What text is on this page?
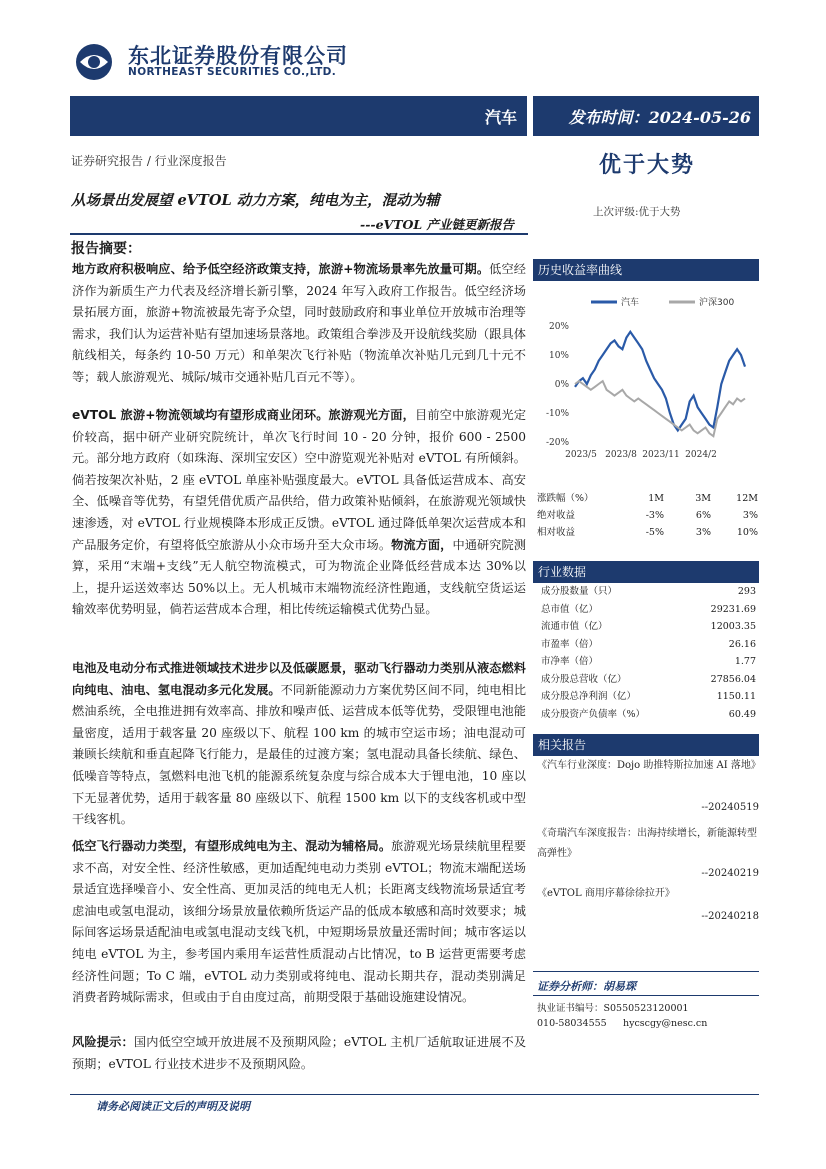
东北证券股份有限公司
NORTHEAST SECURITIES CO.,LTD.
汽车	发布时间：2024-05-26
证券研究报告 / 行业深度报告	优于大势
上次评级:优于大势
从场景出发展望 eVTOL 动力方案，纯电为主，混动为辅
---eVTOL 产业链更新报告
报告摘要：

地方政府积极响应、给予低空经济政策支持，旅游+物流场景率先放量可期。低空经济作为新质生产力代表及经济增长新引擎，2024 年写入政府工作报告。低空经济场景拓展方面，旅游+物流被最先寄予众望，同时鼓励政府和事业单位开放城市治理等需求，我们认为运营补贴有望加速场景落地。政策组合拳涉及开设航线奖励（跟具体航线相关，每条约 10-50 万元）和单架次飞行补贴（物流单次补贴几元到几十元不等；载人旅游观光、城际/城市交通补贴几百元不等）。

eVTOL 旅游+物流领域均有望形成商业闭环。旅游观光方面，目前空中旅游观光定价较高，据中研产业研究院统计，单次飞行时间 10 - 20 分钟，报价 600 - 2500 元。部分地方政府（如珠海、深圳宝安区）空中游览观光补贴对 eVTOL 有所倾斜。倘若按架次补贴，2 座 eVTOL 单座补贴强度最大。eVTOL 具备低运营成本、高安全、低噪音等优势，有望凭借优质产品供给，借力政策补贴倾斜，在旅游观光领域快速渗透，对 eVTOL 行业规模降本形成正反馈。eVTOL 通过降低单架次运营成本和产品服务定价，有望将低空旅游从小众市场升至大众市场。物流方面，中通研究院测算，采用“末端+支线”无人航空物流模式，可为物流企业降低经营成本达 30%以上，提升运送效率达 50%以上。无人机城市末端物流经济性跑通，支线航空货运运输效率优势明显，倘若运营成本合理，相比传统运输模式优势凸显。

电池及电动分布式推进领域技术进步以及低碳愿景，驱动飞行器动力类别从液态燃料向纯电、油电、氢电混动多元化发展。不同新能源动力方案优势区间不同，纯电相比燃油系统，全电推进拥有效率高、排放和噪声低、运营成本低等优势，受限锂电池能量密度，适用于载客量 20 座级以下、航程 100 km 的城市空运市场；油电混动可兼顾长续航和垂直起降飞行能力，是最佳的过渡方案；氢电混动具备长续航、绿色、低噪音等特点，氢燃料电池飞机的能源系统复杂度与综合成本大于锂电池，10 座以下无显著优势，适用于载客量 80 座级以下、航程 1500 km 以下的支线客机或中型干线客机。

低空飞行器动力类型，有望形成纯电为主、混动为辅格局。旅游观光场景续航里程要求不高，对安全性、经济性敏感，更加适配纯电动力类别 eVTOL；物流末端配送场景适宜选择噪音小、安全性高、更加灵活的纯电无人机；长距离支线物流场景适宜考虑油电或氢电混动，该细分场景放量依赖所货运产品的低成本敏感和高时效要求；城际间客运场景适配油电或氢电混动支线飞机，中短期场景放量还需时间；城市客运以纯电 eVTOL 为主，参考国内乘用车运营性质混动占比情况，to B 运营更需要考虑经济性问题；To C 端，eVTOL 动力类别或将纯电、混动长期共存，混动类别满足消费者跨城际需求，但或由于自由度过高，前期受限于基础设施建设情况。

风险提示：国内低空空域开放进展不及预期风险；eVTOL 主机厂适航取证进展不及预期；eVTOL 行业技术进步不及预期风险。

历史收益率曲线
汽车	沪深300
20%
10%
0%
-10%
-20%
2023/5 2023/8 2023/11 2024/2
涨跌幅（%）	1M	3M	12M
绝对收益	-3%	6%	3%
相对收益	-5%	3%	10%
行业数据
成分股数量（只）	293
总市值（亿）	29231.69
流通市值（亿）	12003.35
市盈率（倍）	26.16
市净率（倍）	1.77
成分股总营收（亿）	27856.04
成分股总净利润（亿）	1150.11
成分股资产负债率（%）	60.49
相关报告
《汽车行业深度：Dojo 助推特斯拉加速 AI 落地》
--20240519
《奇瑞汽车深度报告：出海持续增长，新能源转型高弹性》
--20240219
《eVTOL 商用序幕徐徐拉开》
--20240218
证券分析师：胡易琛
执业证书编号：S0550523120001
010-58034555 hycscgy@nesc.cn
请务必阅读正文后的声明及说明
